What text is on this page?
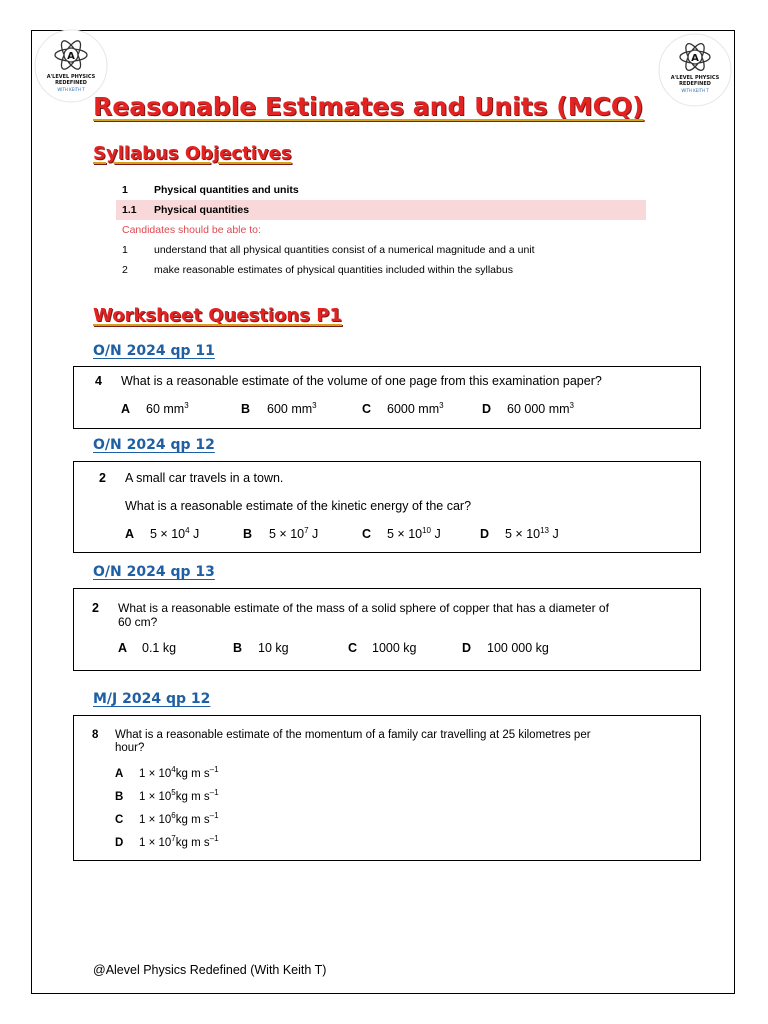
A
A'LEVEL PHYSICS
REDEFINED
WITH KEITH T
A
A'LEVEL PHYSICS
REDEFINED
WITH KEITH T
Reasonable Estimates and Units (MCQ)
Syllabus Objectives
1	Physical quantities and units
1.1	Physical quantities
Candidates should be able to:
1	understand that all physical quantities consist of a numerical magnitude and a unit
2	make reasonable estimates of physical quantities included within the syllabus
Worksheet Questions P1
O/N 2024 qp 11
4 What is a reasonable estimate of the volume of one page from this examination paper?
A 60 $mm^3$	B 600 $mm^3$	C 6000 $mm^3$	D 60 000 $mm^3$
O/N 2024 qp 12
2 A small car travels in a town.
What is a reasonable estimate of the kinetic energy of the car?
A $5 \times 10^4$ J	B $5 \times 10^7$ J	C $5 \times 10^{10}$ J	D $5 \times 10^{13}$ J
O/N 2024 qp 13
2 What is a reasonable estimate of the mass of a solid sphere of copper that has a diameter of
60 cm?
A 0.1 kg	B 10 kg	C 1000 kg	D 100 000 kg
M/J 2024 qp 12
8 What is a reasonable estimate of the momentum of a family car travelling at 25 kilometres per
hour?
A $1 \times 10^4kg$ m $s^{-1}$
B $1 \times 10^5kg$ m $s^{-1}$
C $1 \times 10^6kg$ m $s^{-1}$
D $1 \times 10^7kg$ m $s^{-1}$
@Alevel Physics Redefined (With Keith T)
